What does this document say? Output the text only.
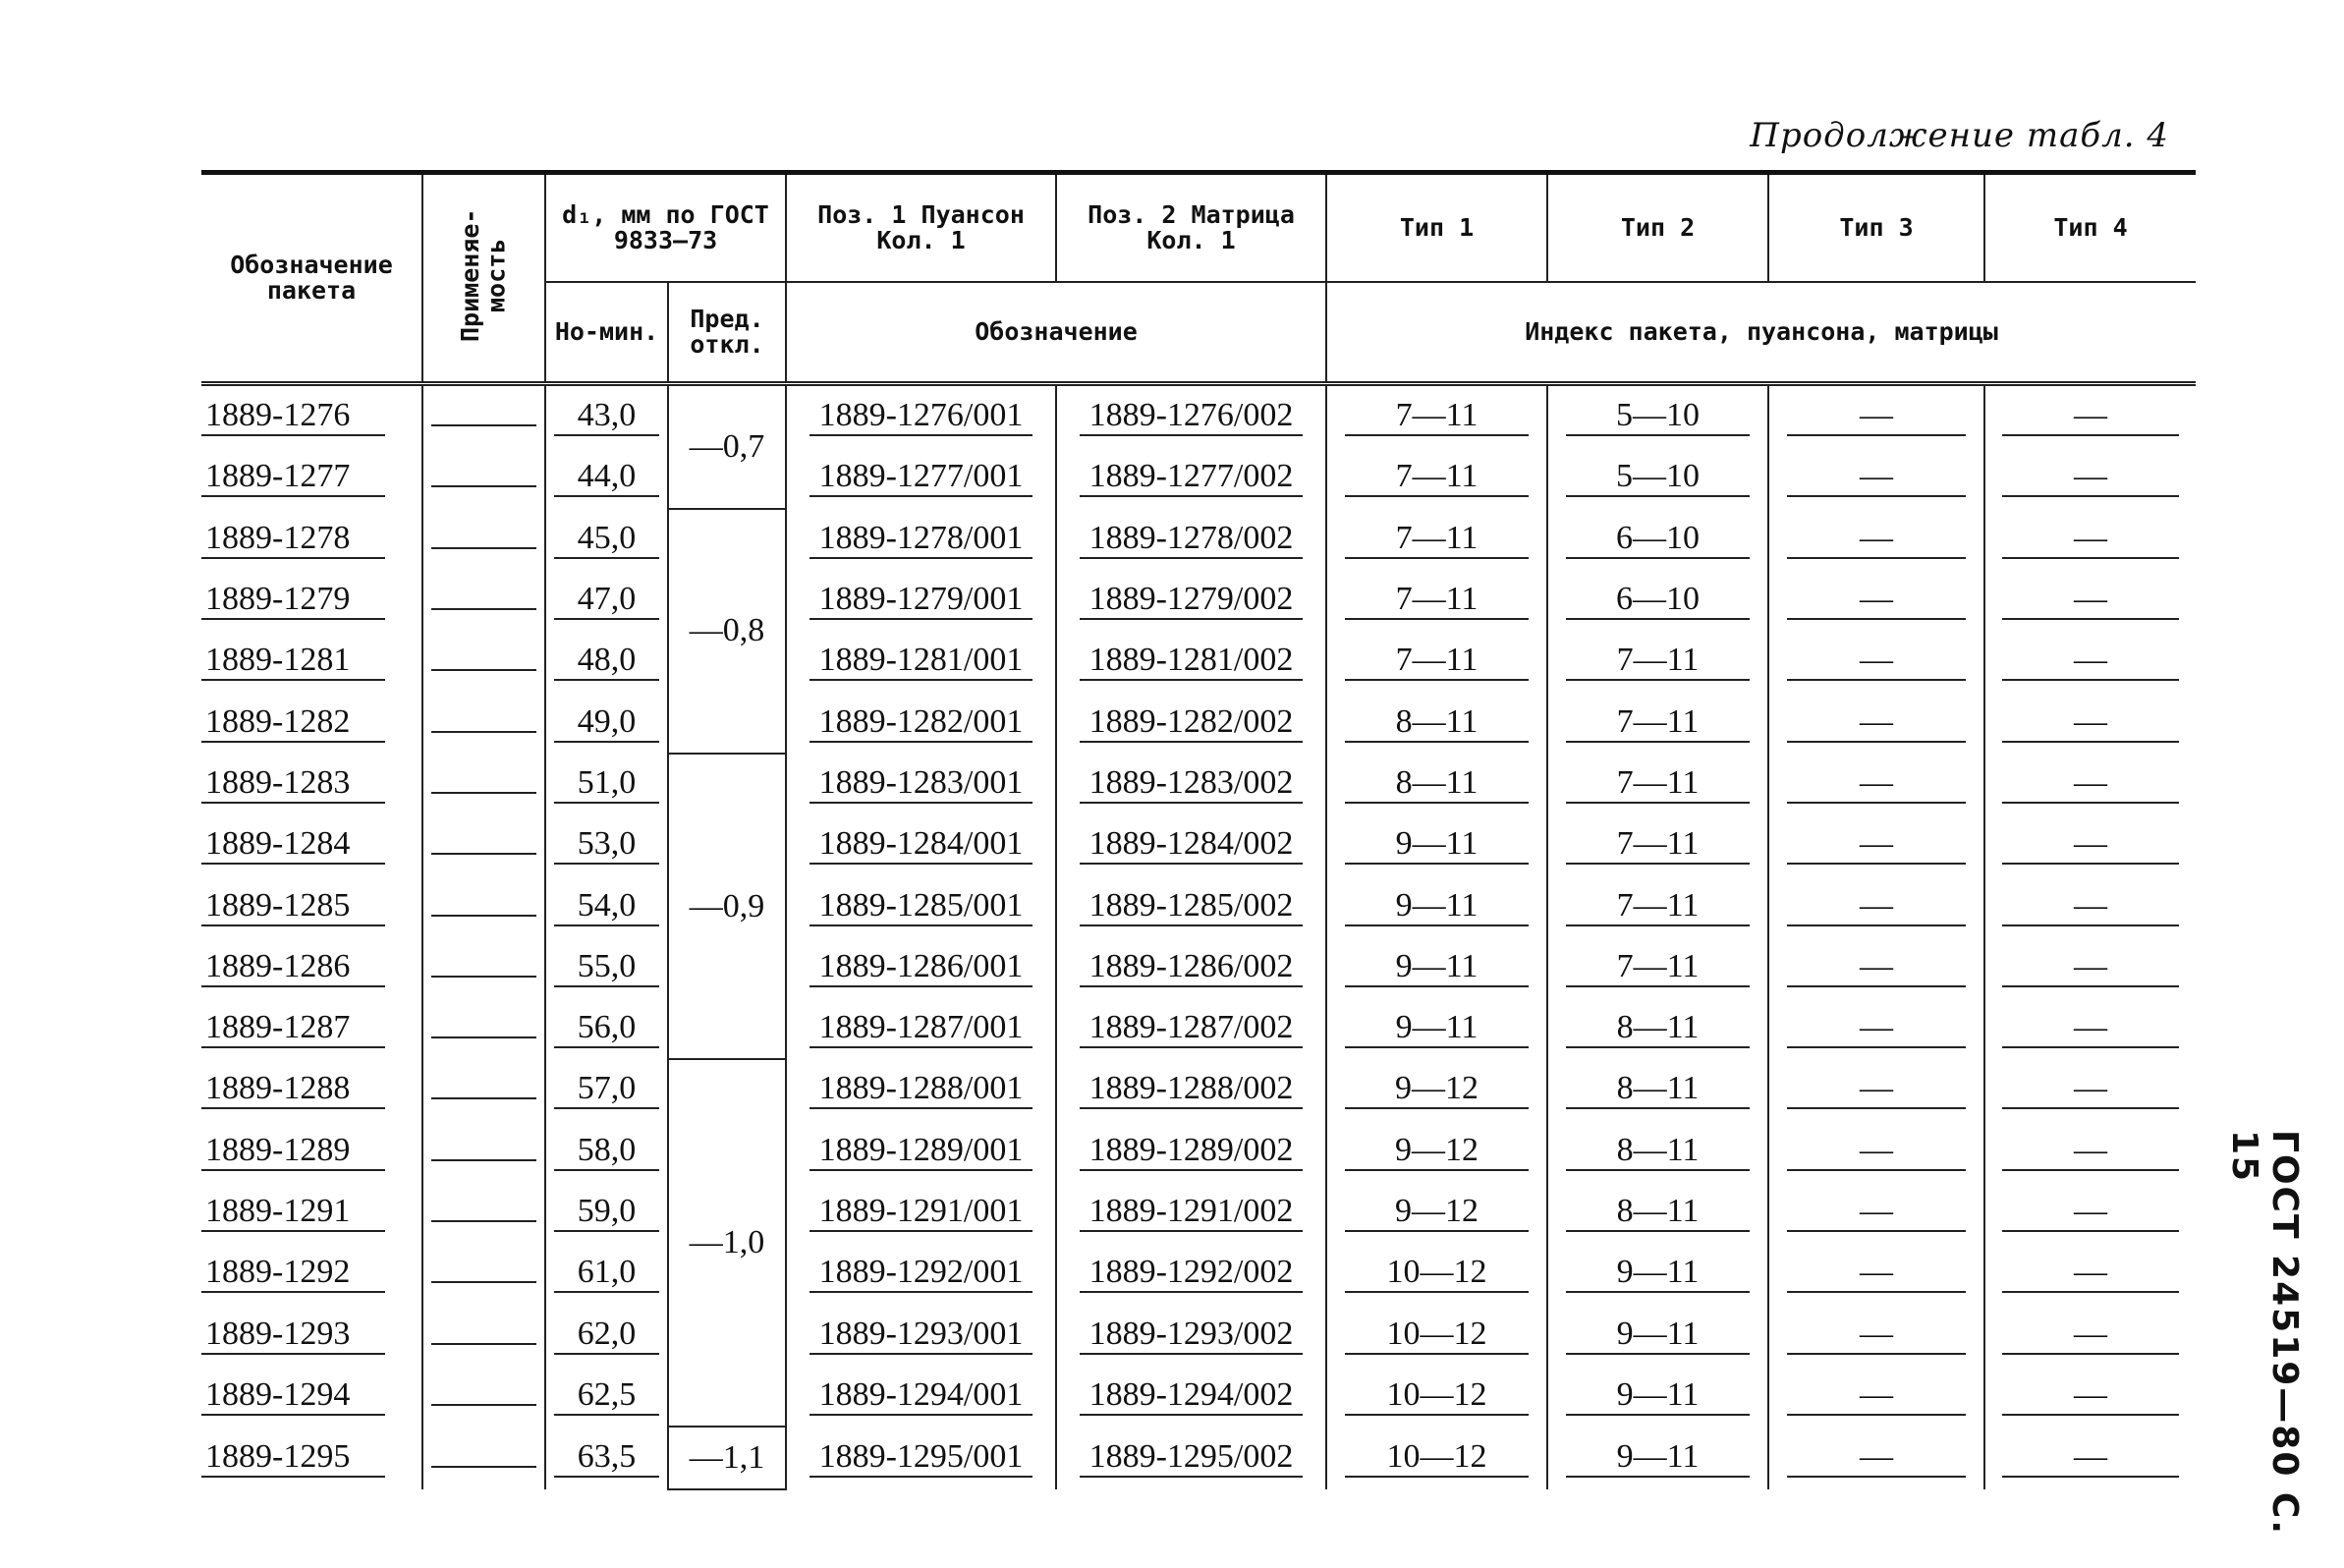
Продолжение табл. 4
ГОСТ 24519—80 С. 15
Обозначение пакета	Применяе-мость	d₁, мм по ГОСТ 9833—73		Поз. 1 Пуансон Кол. 1	Поз. 2 Матрица Кол. 1	Тип 1	Тип 2	Тип 3	Тип 4
		Но-мин.	Пред. откл.	Обозначение		Индекс пакета, пуансона, матрицы			
1889-1276		43,0	—0,7	1889-1276/001	1889-1276/002	7—11	5—10	—	—
1889-1277		44,0		1889-1277/001	1889-1277/002	7—11	5—10	—	—
1889-1278		45,0	—0,8	1889-1278/001	1889-1278/002	7—11	6—10	—	—
1889-1279		47,0		1889-1279/001	1889-1279/002	7—11	6—10	—	—
1889-1281		48,0		1889-1281/001	1889-1281/002	7—11	7—11	—	—
1889-1282		49,0		1889-1282/001	1889-1282/002	8—11	7—11	—	—
1889-1283		51,0	—0,9	1889-1283/001	1889-1283/002	8—11	7—11	—	—
1889-1284		53,0		1889-1284/001	1889-1284/002	9—11	7—11	—	—
1889-1285		54,0		1889-1285/001	1889-1285/002	9—11	7—11	—	—
1889-1286		55,0		1889-1286/001	1889-1286/002	9—11	7—11	—	—
1889-1287		56,0		1889-1287/001	1889-1287/002	9—11	8—11	—	—
1889-1288		57,0	—1,0	1889-1288/001	1889-1288/002	9—12	8—11	—	—
1889-1289		58,0		1889-1289/001	1889-1289/002	9—12	8—11	—	—
1889-1291		59,0		1889-1291/001	1889-1291/002	9—12	8—11	—	—
1889-1292		61,0		1889-1292/001	1889-1292/002	10—12	9—11	—	—
1889-1293		62,0		1889-1293/001	1889-1293/002	10—12	9—11	—	—
1889-1294		62,5		1889-1294/001	1889-1294/002	10—12	9—11	—	—
1889-1295		63,5	—1,1	1889-1295/001	1889-1295/002	10—12	9—11	—	—
